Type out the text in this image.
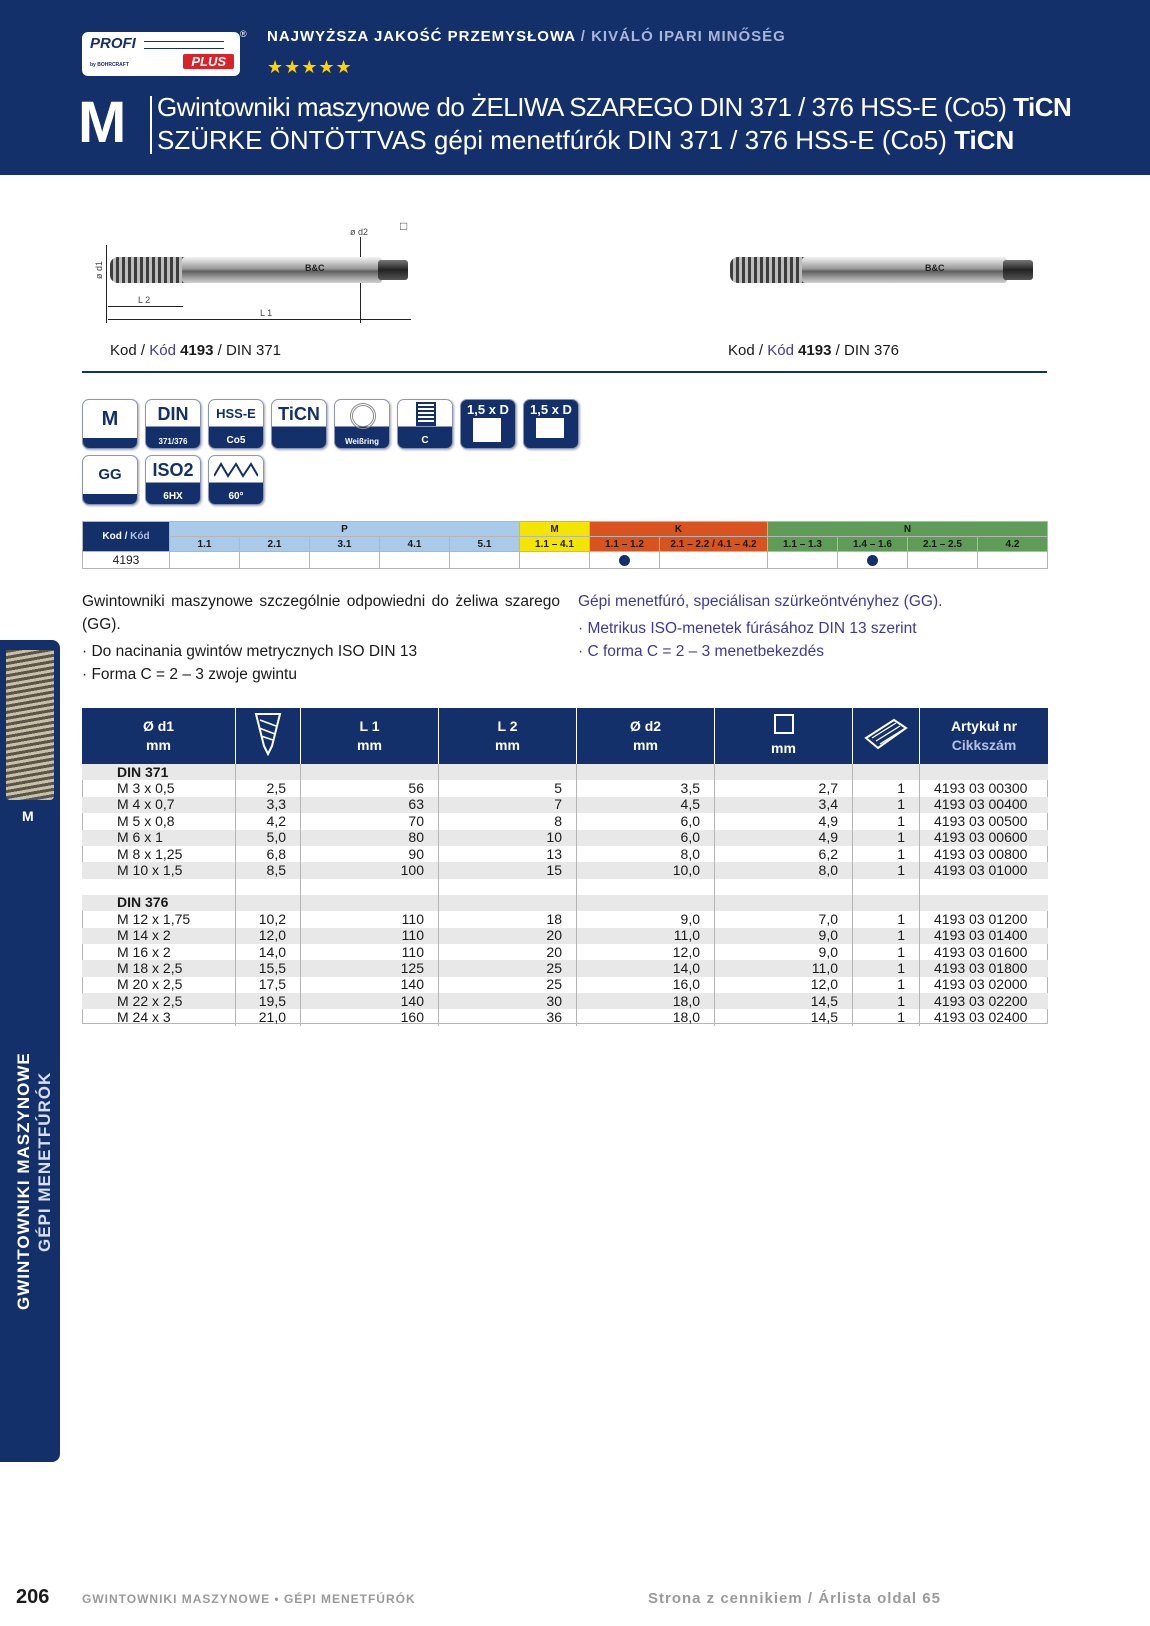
PROFI
by BOHRCRAFT	PLUS
® NAJWYŻSZA JAKOŚĆ PRZEMYSŁOWA / KIVÁLÓ IPARI MINŐSÉG
★★★★★
M Gwintowniki maszynowe do ŻELIWA SZAREGO DIN 371 / 376 HSS-E (Co5) TiCN
SZÜRKE ÖNTÖTTVAS gépi menetfúrók DIN 371 / 376 HSS-E (Co5) TiCN
M
GWINTOWNIKI MASZYNOWE GÉPI MENETFÚRÓK
ø d2	□
ø d1	B&C
L 2
L 1
B&C
Kod / Kód 4193 / DIN 371	Kod / Kód 4193 / DIN 376
M	DIN
371/376
HSS-E
Co5
TiCN
Weißring	C
1,5 x D	1,5 x D
GG	ISO2
6HX	60°
Kod / Kód	P					M	K		N			
	1.1	2.1	3.1	4.1	5.1	1.1 – 4.1	1.1 – 1.2	2.1 – 2.2 / 4.1 – 4.2	1.1 – 1.3	1.4 – 1.6	2.1 – 2.5	4.2
4193												
Gwintowniki maszynowe szczególnie odpowiedni do żeliwa szarego (GG).
· Do nacinania gwintów metrycznych ISO DIN 13
· Forma C = 2 – 3 zwoje gwintu
Gépi menetfúró, speciálisan szürkeöntvényhez (GG).
· Metrikus ISO-menetek fúrásához DIN 13 szerint
· C forma C = 2 – 3 menetbekezdés
Ø d1
mm		L 1
mm	L 2
mm	Ø d2
mm	mm		Artykuł nr
Cikkszám
DIN 371							
M 3 x 0,5	2,5	56	5	3,5	2,7	1	4193 03 00300
M 4 x 0,7	3,3	63	7	4,5	3,4	1	4193 03 00400
M 5 x 0,8	4,2	70	8	6,0	4,9	1	4193 03 00500
M 6 x 1	5,0	80	10	6,0	4,9	1	4193 03 00600
M 8 x 1,25	6,8	90	13	8,0	6,2	1	4193 03 00800
M 10 x 1,5	8,5	100	15	10,0	8,0	1	4193 03 01000

DIN 376							
M 12 x 1,75	10,2	110	18	9,0	7,0	1	4193 03 01200
M 14 x 2	12,0	110	20	11,0	9,0	1	4193 03 01400
M 16 x 2	14,0	110	20	12,0	9,0	1	4193 03 01600
M 18 x 2,5	15,5	125	25	14,0	11,0	1	4193 03 01800
M 20 x 2,5	17,5	140	25	16,0	12,0	1	4193 03 02000
M 22 x 2,5	19,5	140	30	18,0	14,5	1	4193 03 02200
M 24 x 3	21,0	160	36	18,0	14,5	1	4193 03 02400
206	GWINTOWNIKI MASZYNOWE • GÉPI MENETFÚRÓK	Strona z cennikiem / Árlista oldal 65
